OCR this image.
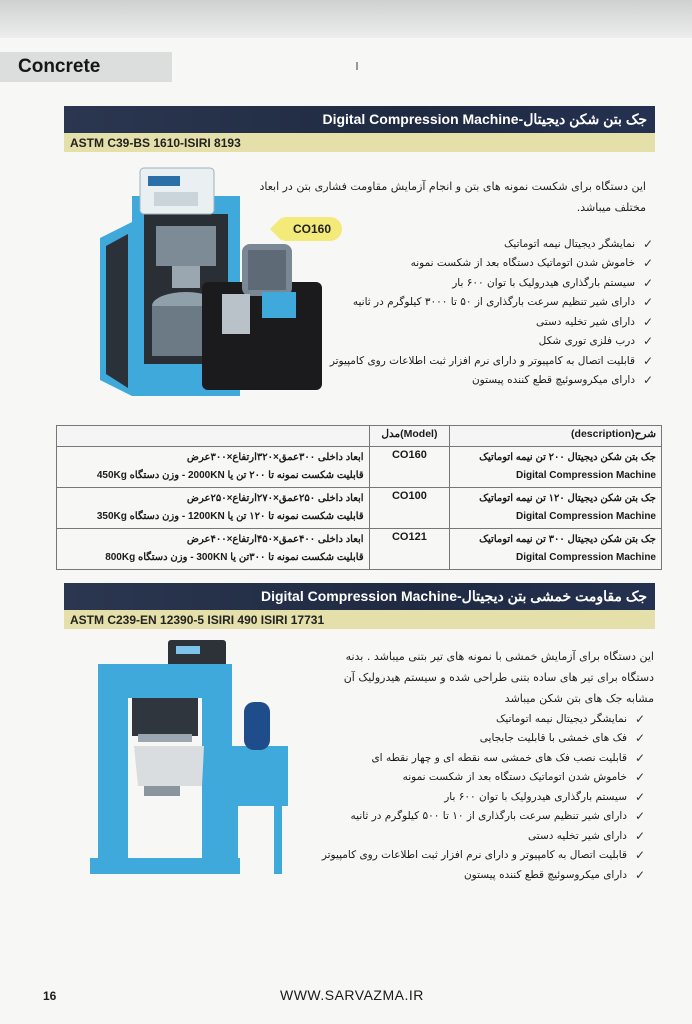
Concrete
جک بتن شکن دیجیتال-Digital Compression Machine
ASTM C39-BS 1610-ISIRI 8193
CO160
این دستگاه برای شکست نمونه های بتن و انجام آزمایش مقاومت فشاری بتن در ابعاد
مختلف میباشد.
نمایشگر دیجیتال نیمه اتوماتیک ✓
خاموش شدن اتوماتیک دستگاه بعد از شکست نمونه ✓
سیستم بارگذاری هیدرولیک با توان ۶۰۰ بار ✓
دارای شیر تنظیم سرعت بارگذاری از ۵۰ تا ۳۰۰۰ کیلوگرم در ثانیه ✓
دارای شیر تخلیه دستی ✓
درب فلزی توری شکل ✓
قابلیت اتصال به کامپیوتر و دارای نرم افزار ثبت اطلاعات روی کامپیوتر ✓
دارای میکروسوئیچ قطع کننده پیستون ✓
	مدل(Model)	شرح(description)

ابعاد داخلی ۳۰۰عمق×۳۲۰ارتفاع×۳۰۰عرض
قابلیت شکست نمونه تا ۲۰۰ تن یا 2000KN - وزن دستگاه 450Kg	CO160	جک بتن شکن دیجیتال ۲۰۰ تن نیمه اتوماتیک
Digital Compression Machine

ابعاد داخلی ۲۵۰عمق×۲۷۰ارتفاع×۲۵۰عرض
قابلیت شکست نمونه تا ۱۲۰ تن یا 1200KN - وزن دستگاه 350Kg	CO100	جک بتن شکن دیجیتال ۱۲۰ تن نیمه اتوماتیک
Digital Compression Machine

ابعاد داخلی ۴۰۰عمق×۴۵۰ارتفاع×۴۰۰عرض
قابلیت شکست نمونه تا ۳۰۰تن یا 300KN - وزن دستگاه 800Kg	CO121	جک بتن شکن دیجیتال ۳۰۰ تن نیمه اتوماتیک
Digital Compression Machine
جک مقاومت خمشی بتن دیجیتال-Digital Compression Machine
ASTM C239-EN 12390-5 ISIRI 490 ISIRI 17731
این دستگاه برای آزمایش خمشی با نمونه های تیر بتنی میباشد . بدنه
دستگاه برای تیر های ساده بتنی طراحی شده و سیستم هیدرولیک آن
مشابه جک های بتن شکن میباشد
نمایشگر دیجیتال نیمه اتوماتیک ✓
فک های خمشی با قابلیت جابجایی ✓
قابلیت نصب فک های خمشی سه نقطه ای و چهار نقطه ای ✓
خاموش شدن اتوماتیک دستگاه بعد از شکست نمونه ✓
سیستم بارگذاری هیدرولیک با توان ۶۰۰ بار ✓
دارای شیر تنظیم سرعت بارگذاری از ۱۰ تا ۵۰۰ کیلوگرم در ثانیه ✓
دارای شیر تخلیه دستی ✓
قابلیت اتصال به کامپیوتر و دارای نرم افزار ثبت اطلاعات روی کامپیوتر ✓
دارای میکروسوئیچ قطع کننده پیستون ✓
16	WWW.SARVAZMA.IR
